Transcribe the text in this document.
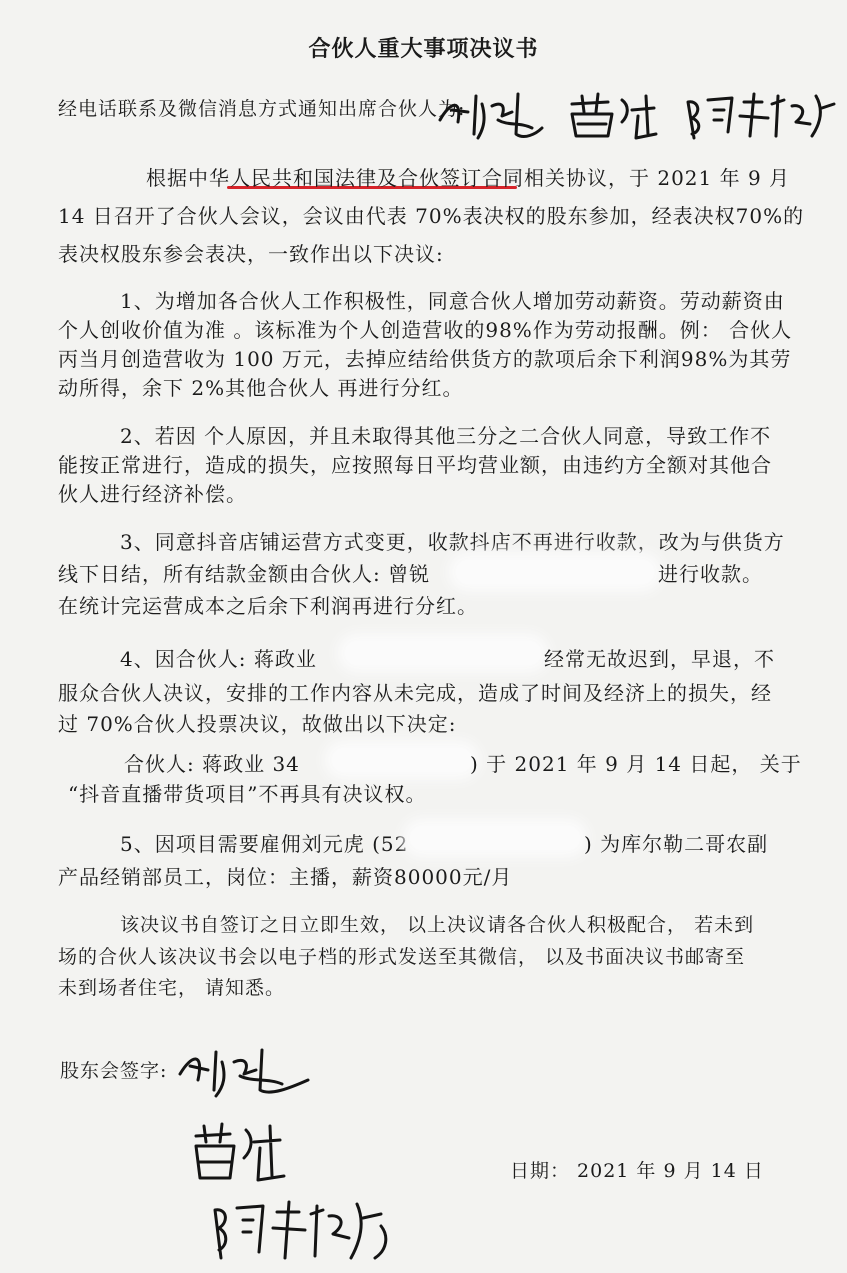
合伙人重大事项决议书
经电话联系及微信消息方式通知出席合伙人为:
根据中华人民共和国法律及合伙签订合同相关协议，于 2021 年 9 月
14 日召开了合伙人会议，会议由代表 70%表决权的股东参加，经表决权70%的
表决权股东参会表决，一致作出以下决议:
1、为增加各合伙人工作积极性，同意合伙人增加劳动薪资。劳动薪资由
个人创收价值为准 。该标准为个人创造营收的98%作为劳动报酬。例： 合伙人
丙当月创造营收为 100 万元，去掉应结给供货方的款项后余下利润98%为其劳
动所得，余下 2%其他合伙人 再进行分红。
2、若因 个人原因，并且未取得其他三分之二合伙人同意，导致工作不
能按正常进行，造成的损失，应按照每日平均营业额，由违约方全额对其他合
伙人进行经济补偿。
3、同意抖音店铺运营方式变更，收款抖店不再进行收款，改为与供货方
线下日结，所有结款金额由合伙人: 曾锐	进行收款。
在统计完运营成本之后余下利润再进行分红。
4、因合伙人: 蒋政业	经常无故迟到，早退，不
服众合伙人决议，安排的工作内容从未完成，造成了时间及经济上的损失，经
过 70%合伙人投票决议，故做出以下决定:
合伙人: 蒋政业 34	) 于 2021 年 9 月 14 日起， 关于
“抖音直播带货项目”不再具有决议权。
5、因项目需要雇佣刘元虎 (52	) 为库尔勒二哥农副
产品经销部员工，岗位：主播，薪资80000元/月
该决议书自签订之日立即生效， 以上决议请各合伙人积极配合， 若未到
场的合伙人该决议书会以电子档的形式发送至其微信， 以及书面决议书邮寄至
未到场者住宅， 请知悉。
股东会签字:
日期： 2021 年 9 月 14 日
